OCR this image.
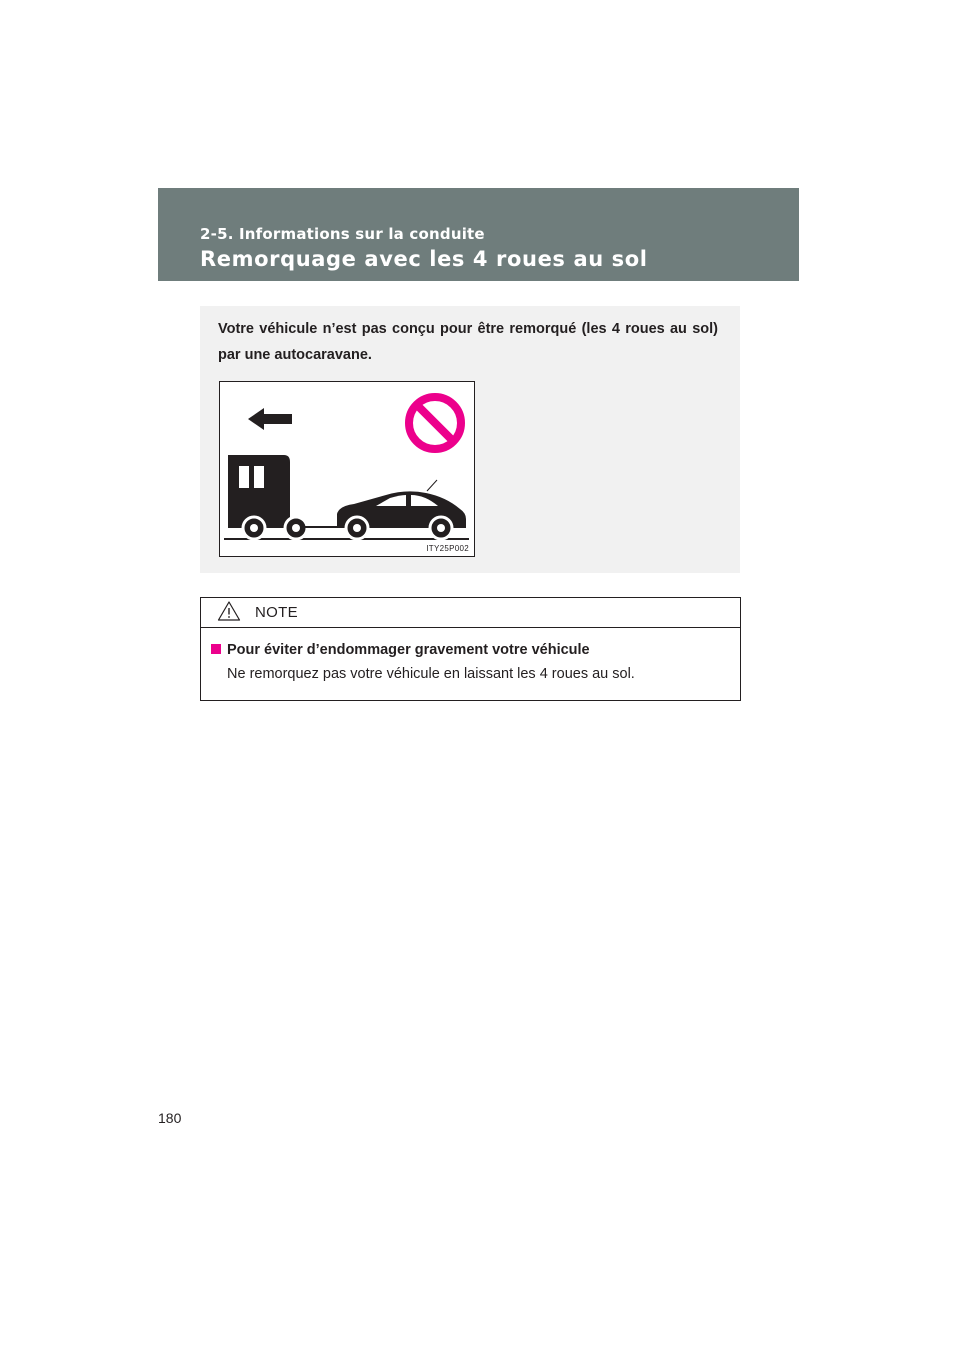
2-5. Informations sur la conduite
Remorquage avec les 4 roues au sol
Votre véhicule n’est pas conçu pour être remorqué (les 4 roues au sol) par une autocaravane.
ITY25P002
NOTE
Pour éviter d’endommager gravement votre véhicule
Ne remorquez pas votre véhicule en laissant les 4 roues au sol.
180
